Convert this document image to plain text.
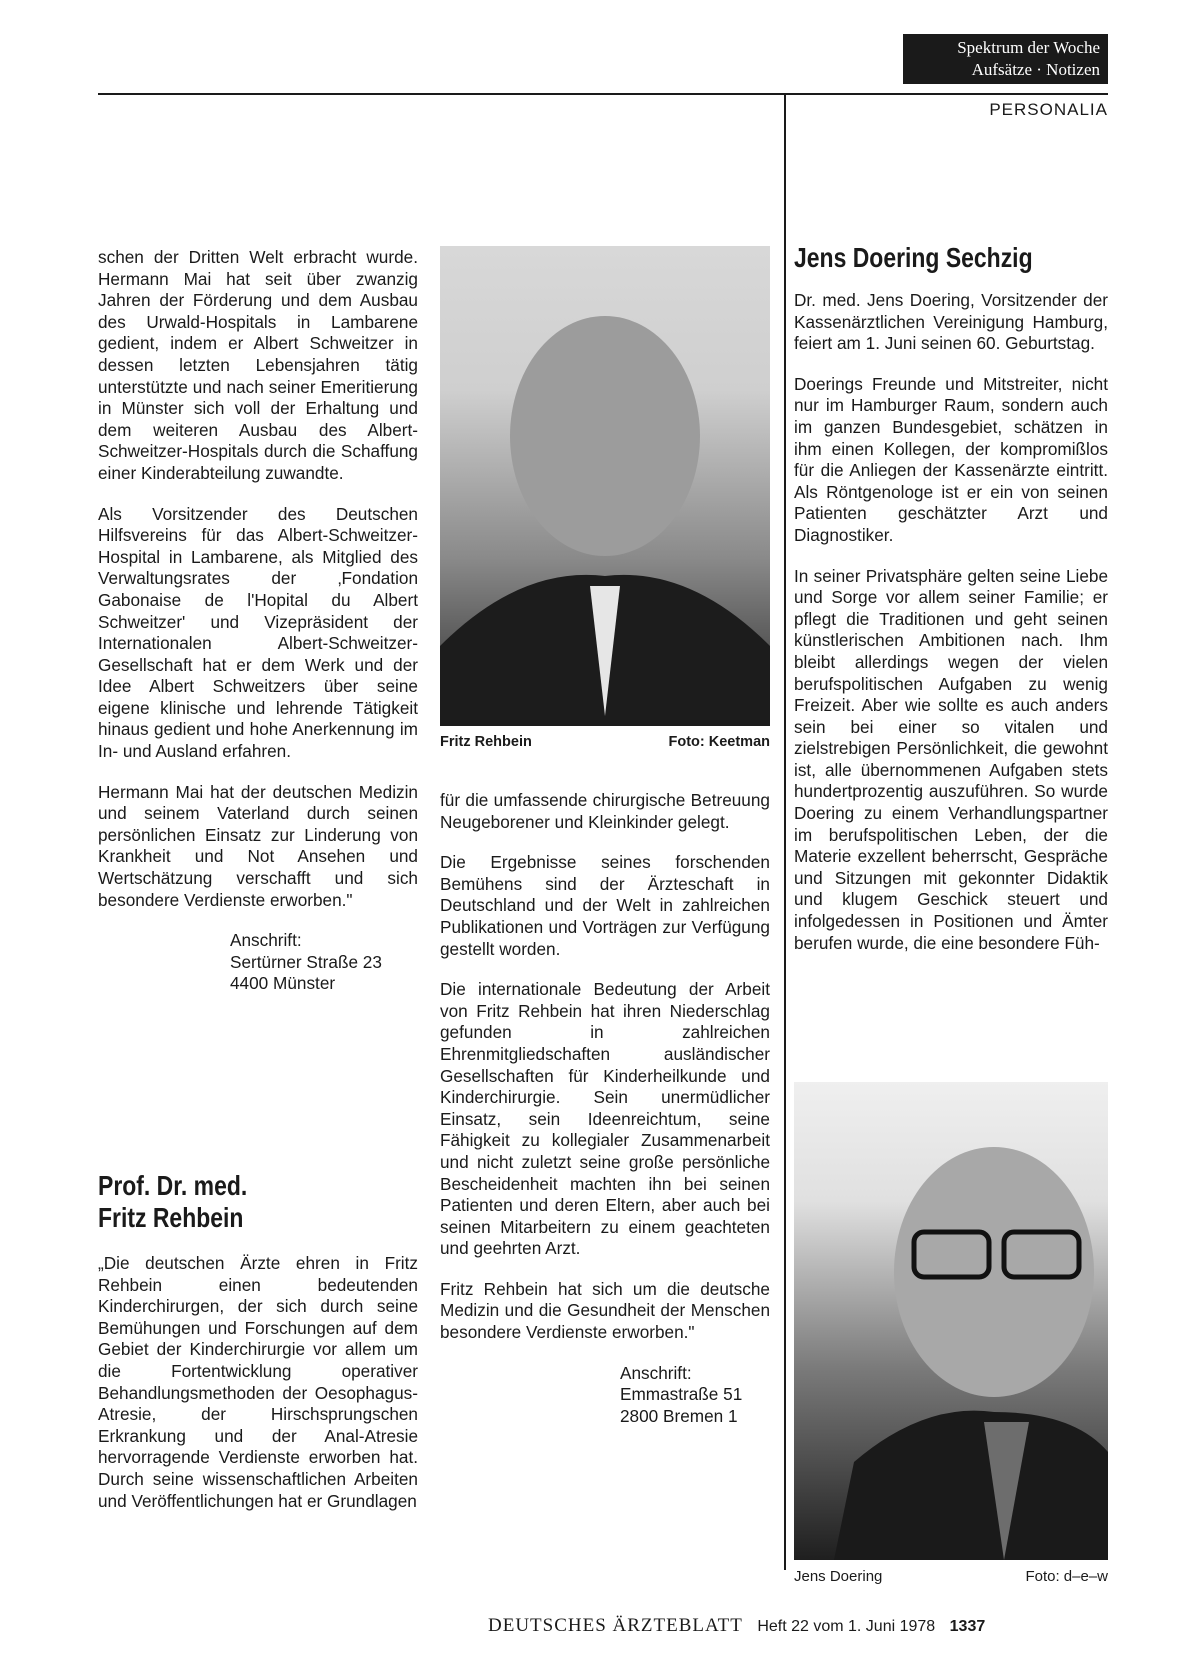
Spektrum der Woche
Aufsätze · Notizen
PERSONALIA

schen der Dritten Welt erbracht wurde. Hermann Mai hat seit über zwanzig Jahren der Förderung und dem Ausbau des Urwald-Hospitals in Lambarene gedient, indem er Albert Schweitzer in dessen letzten Lebensjahren tätig unterstützte und nach seiner Emeritierung in Münster sich voll der Erhaltung und dem weiteren Ausbau des Albert-Schweitzer-Hospitals durch die Schaffung einer Kinderabteilung zuwandte.

Als Vorsitzender des Deutschen Hilfsvereins für das Albert-Schweitzer-Hospital in Lambarene, als Mitglied des Verwaltungsrates der ‚Fondation Gabonaise de l'Hopital du Albert Schweitzer' und Vizepräsident der Internationalen Albert-Schweitzer-Gesellschaft hat er dem Werk und der Idee Albert Schweitzers über seine eigene klinische und lehrende Tätigkeit hinaus gedient und hohe Anerkennung im In- und Ausland erfahren.

Hermann Mai hat der deutschen Medizin und seinem Vaterland durch seinen persönlichen Einsatz zur Linderung von Krankheit und Not Ansehen und Wertschätzung verschafft und sich besondere Verdienste erworben."

Anschrift:
Sertürner Straße 23
4400 Münster
Prof. Dr. med.
Fritz Rehbein

„Die deutschen Ärzte ehren in Fritz Rehbein einen bedeutenden Kinderchirurgen, der sich durch seine Bemühungen und Forschungen auf dem Gebiet der Kinderchirurgie vor allem um die Fortentwicklung operativer Behandlungsmethoden der Oesophagus-Atresie, der Hirschsprungschen Erkrankung und der Anal-Atresie hervorragende Verdienste erworben hat. Durch seine wissenschaftlichen Arbeiten und Veröffentlichungen hat er Grundlagen

Fritz Rehbein	Foto: Keetman

für die umfassende chirurgische Betreuung Neugeborener und Kleinkinder gelegt.

Die Ergebnisse seines forschenden Bemühens sind der Ärzteschaft in Deutschland und der Welt in zahlreichen Publikationen und Vorträgen zur Verfügung gestellt worden.

Die internationale Bedeutung der Arbeit von Fritz Rehbein hat ihren Niederschlag gefunden in zahlreichen Ehrenmitgliedschaften ausländischer Gesellschaften für Kinderheilkunde und Kinderchirurgie. Sein unermüdlicher Einsatz, sein Ideenreichtum, seine Fähigkeit zu kollegialer Zusammenarbeit und nicht zuletzt seine große persönliche Bescheidenheit machten ihn bei seinen Patienten und deren Eltern, aber auch bei seinen Mitarbeitern zu einem geachteten und geehrten Arzt.

Fritz Rehbein hat sich um die deutsche Medizin und die Gesundheit der Menschen besondere Verdienste erworben."

Anschrift:
Emmastraße 51
2800 Bremen 1
Jens Doering Sechzig

Dr. med. Jens Doering, Vorsitzender der Kassenärztlichen Vereinigung Hamburg, feiert am 1. Juni seinen 60. Geburtstag.

Doerings Freunde und Mitstreiter, nicht nur im Hamburger Raum, sondern auch im ganzen Bundesgebiet, schätzen in ihm einen Kollegen, der kompromißlos für die Anliegen der Kassenärzte eintritt. Als Röntgenologe ist er ein von seinen Patienten geschätzter Arzt und Diagnostiker.

In seiner Privatsphäre gelten seine Liebe und Sorge vor allem seiner Familie; er pflegt die Traditionen und geht seinen künstlerischen Ambitionen nach. Ihm bleibt allerdings wegen der vielen berufspolitischen Aufgaben zu wenig Freizeit. Aber wie sollte es auch anders sein bei einer so vitalen und zielstrebigen Persönlichkeit, die gewohnt ist, alle übernommenen Aufgaben stets hundertprozentig auszuführen. So wurde Doering zu einem Verhandlungspartner im berufspolitischen Leben, der die Materie exzellent beherrscht, Gespräche und Sitzungen mit gekonnter Didaktik und klugem Geschick steuert und infolgedessen in Positionen und Ämter berufen wurde, die eine besondere Füh-

Jens Doering	Foto: d–e–w
DEUTSCHES ÄRZTEBLATT Heft 22 vom 1. Juni 1978 1337
